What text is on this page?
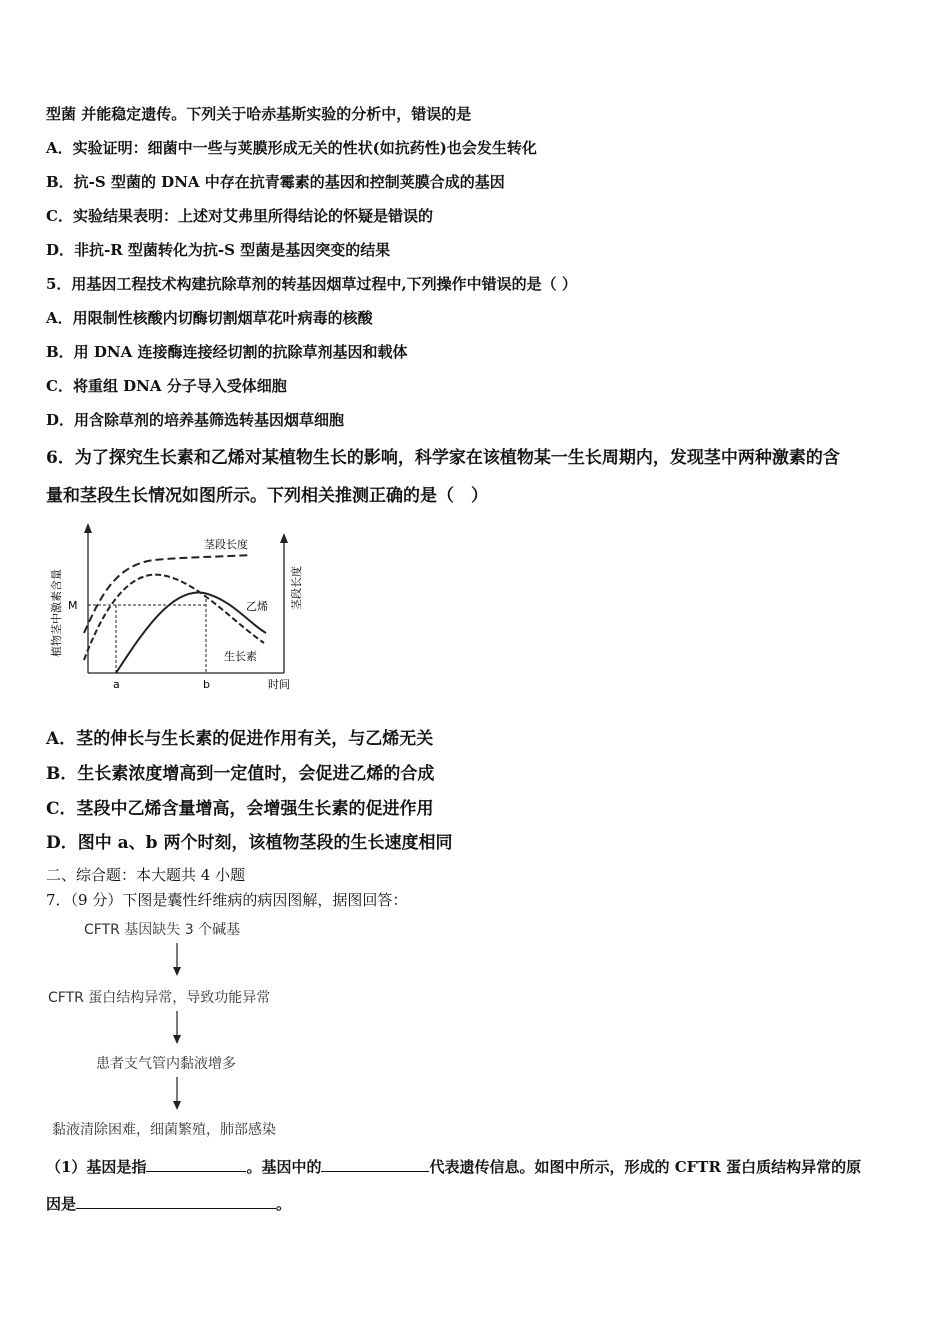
型菌 并能稳定遗传。下列关于哈赤基斯实验的分析中，错误的是
A．实验证明：细菌中一些与荚膜形成无关的性状(如抗药性)也会发生转化
B．抗-S 型菌的 DNA 中存在抗青霉素的基因和控制荚膜合成的基因
C．实验结果表明：上述对艾弗里所得结论的怀疑是错误的
D．非抗-R 型菌转化为抗-S 型菌是基因突变的结果
5．用基因工程技术构建抗除草剂的转基因烟草过程中,下列操作中错误的是（ ）
A．用限制性核酸内切酶切割烟草花叶病毒的核酸
B．用 DNA 连接酶连接经切割的抗除草剂基因和载体
C．将重组 DNA 分子导入受体细胞
D．用含除草剂的培养基筛选转基因烟草细胞
6．为了探究生长素和乙烯对某植物生长的影响，科学家在该植物某一生长周期内，发现茎中两种激素的含
量和茎段生长情况如图所示。下列相关推测正确的是（　）
茎段长度
乙烯
生长素
M
a	b	时间
植物茎中激素含量	茎段长度
A．茎的伸长与生长素的促进作用有关，与乙烯无关
B．生长素浓度增高到一定值时，会促进乙烯的合成
C．茎段中乙烯含量增高，会增强生长素的促进作用
D．图中 a、b 两个时刻，该植物茎段的生长速度相同
二、综合题：本大题共 4 小题
7．（9 分）下图是囊性纤维病的病因图解，据图回答：
CFTR 基因缺失 3 个碱基
CFTR 蛋白结构异常，导致功能异常
患者支气管内黏液增多
黏液清除困难，细菌繁殖，肺部感染
（1）基因是指	。基因中的	代表遗传信息。如图中所示，形成的 CFTR 蛋白质结构异常的原
因是	。
